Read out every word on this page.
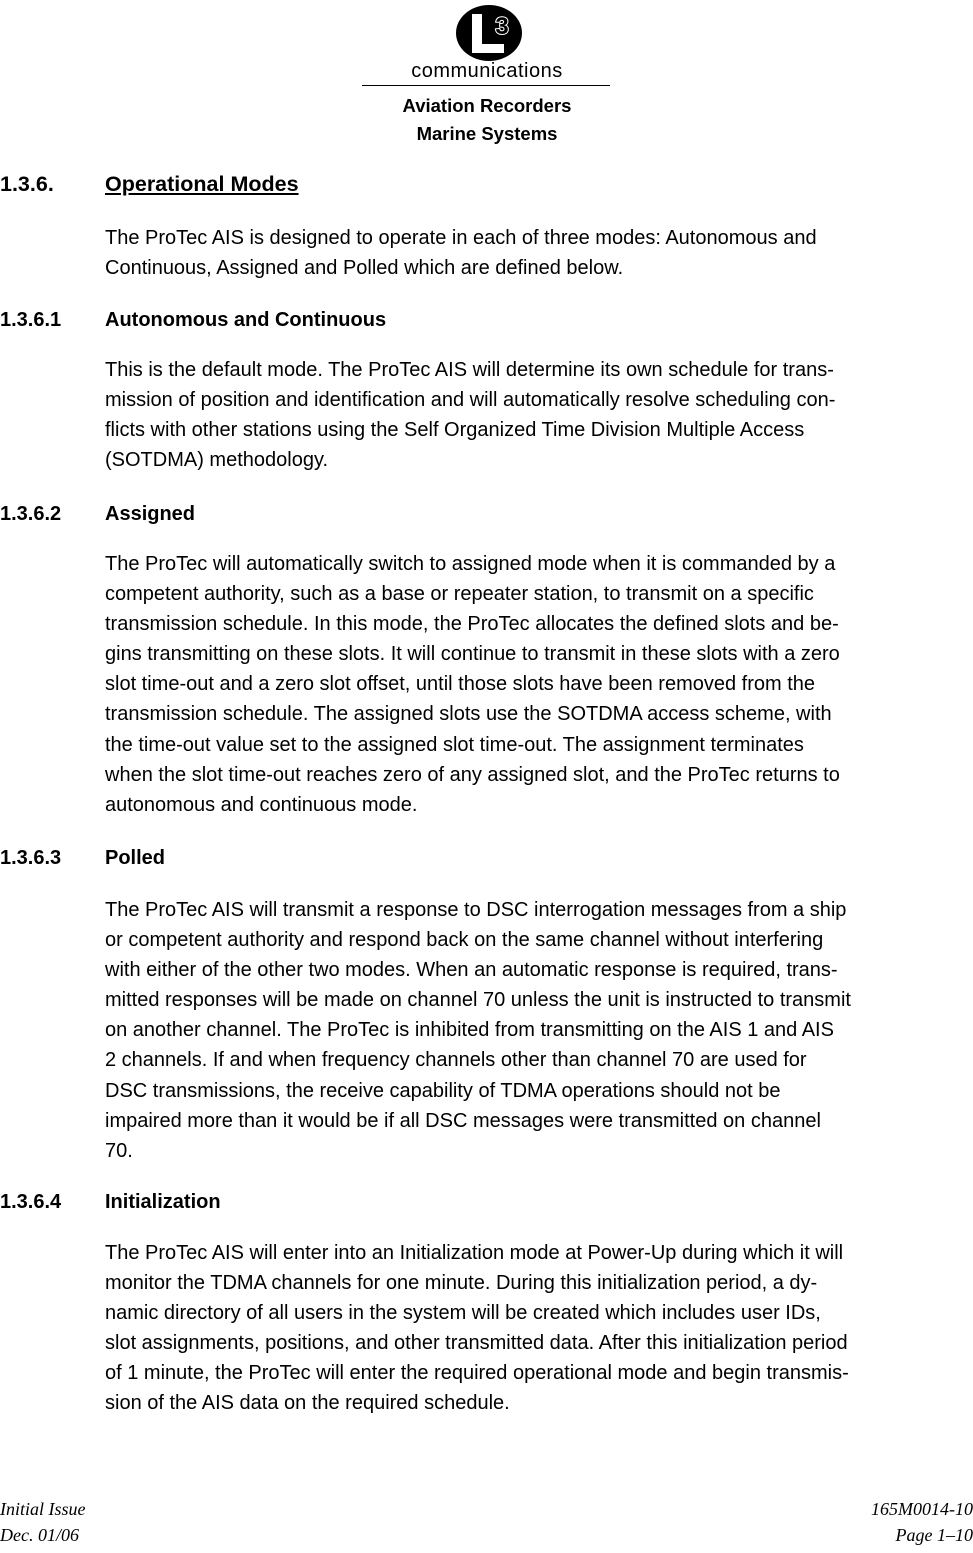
3
communications
Aviation Recorders
Marine Systems
1.3.6. Operational Modes
The ProTec AIS is designed to operate in each of three modes: Autonomous and
Continuous, Assigned and Polled which are defined below.
1.3.6.1 Autonomous and Continuous
This is the default mode. The ProTec AIS will determine its own schedule for trans-
mission of position and identification and will automatically resolve scheduling con-
flicts with other stations using the Self Organized Time Division Multiple Access
(SOTDMA) methodology.
1.3.6.2 Assigned
The ProTec will automatically switch to assigned mode when it is commanded by a
competent authority, such as a base or repeater station, to transmit on a specific
transmission schedule. In this mode, the ProTec allocates the defined slots and be-
gins transmitting on these slots. It will continue to transmit in these slots with a zero
slot time-out and a zero slot offset, until those slots have been removed from the
transmission schedule. The assigned slots use the SOTDMA access scheme, with
the time-out value set to the assigned slot time-out. The assignment terminates
when the slot time-out reaches zero of any assigned slot, and the ProTec returns to
autonomous and continuous mode.
1.3.6.3 Polled
The ProTec AIS will transmit a response to DSC interrogation messages from a ship
or competent authority and respond back on the same channel without interfering
with either of the other two modes. When an automatic response is required, trans-
mitted responses will be made on channel 70 unless the unit is instructed to transmit
on another channel. The ProTec is inhibited from transmitting on the AIS 1 and AIS
2 channels. If and when frequency channels other than channel 70 are used for
DSC transmissions, the receive capability of TDMA operations should not be
impaired more than it would be if all DSC messages were transmitted on channel
70.
1.3.6.4 Initialization
The ProTec AIS will enter into an Initialization mode at Power-Up during which it will
monitor the TDMA channels for one minute. During this initialization period, a dy-
namic directory of all users in the system will be created which includes user IDs,
slot assignments, positions, and other transmitted data. After this initialization period
of 1 minute, the ProTec will enter the required operational mode and begin transmis-
sion of the AIS data on the required schedule.
Initial Issue
Dec. 01/06
165M0014-10
Page 1–10
